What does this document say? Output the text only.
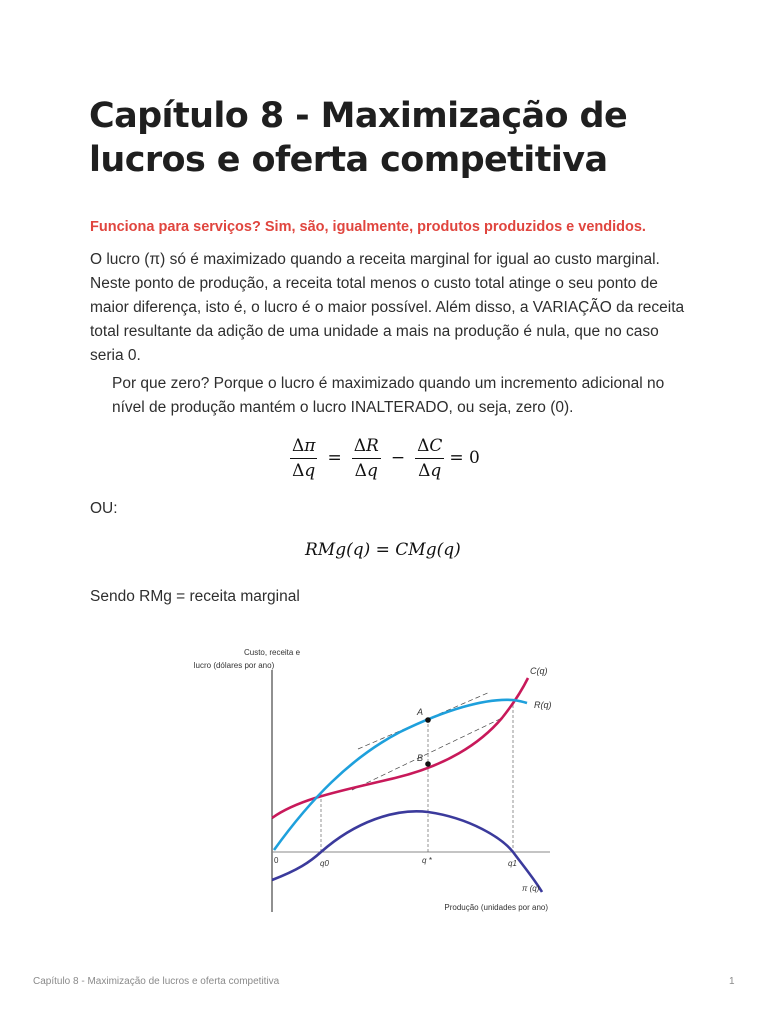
Capítulo 8 - Maximização de lucros e oferta competitiva

Funciona para serviços? Sim, são, igualmente, produtos produzidos e vendidos.

O lucro (π) só é maximizado quando a receita marginal for igual ao custo marginal. Neste ponto de produção, a receita total menos o custo total atinge o seu ponto de maior diferença, isto é, o lucro é o maior possível. Além disso, a VARIAÇÃO da receita total resultante da adição de uma unidade a mais na produção é nula, que no caso seria 0.

Por que zero? Porque o lucro é maximizado quando um incremento adicional no nível de produção mantém o lucro INALTERADO, ou seja, zero (0).

$\frac{\Delta\pi}{\Delta q} = \frac{\Delta R}{\Delta q} - \frac{\Delta C}{\Delta q} = 0$

OU:

RMg(q) = CMg(q)

Sendo RMg = receita marginal

Custo, receita e
lucro (dólares por ano)
Produção (unidades por ano)
C(q)
R(q)
π (q)
A
B
0	q0	q *	q1
Capítulo 8 - Maximização de lucros e oferta competitiva	1
